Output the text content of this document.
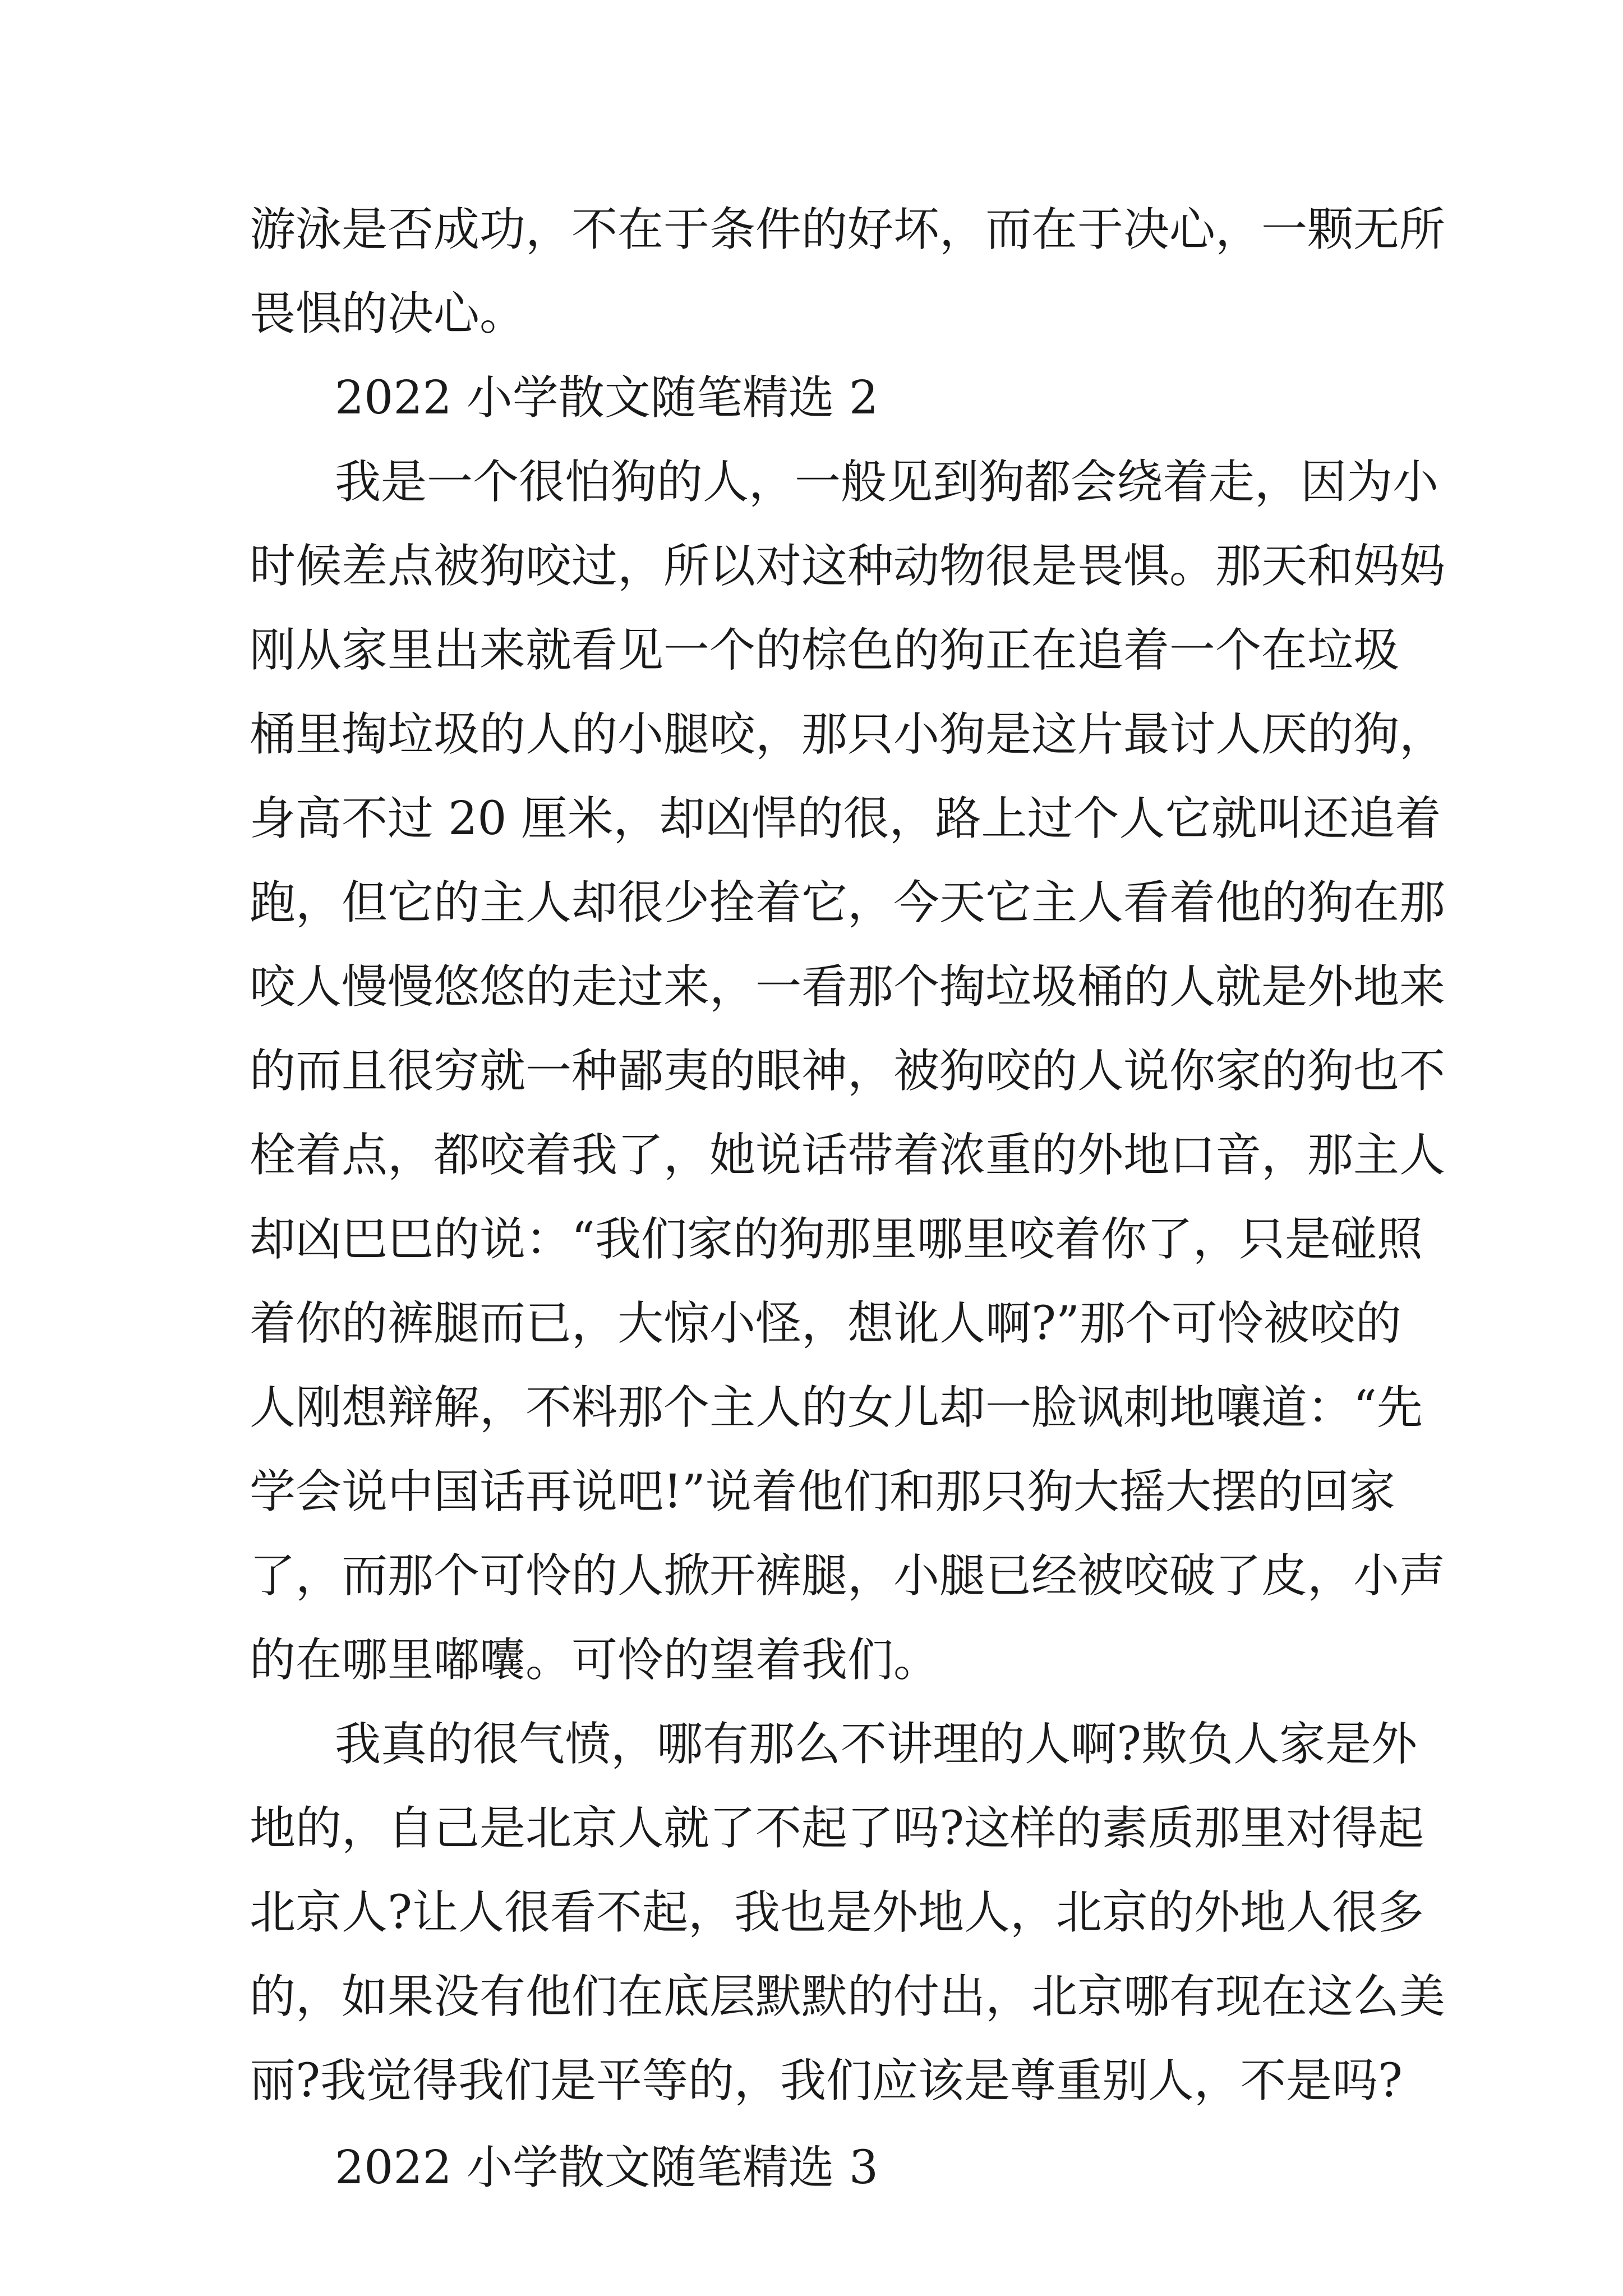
游泳是否成功，不在于条件的好坏，而在于决心，一颗无所
畏惧的决心。
2022 小学散文随笔精选 2
我是一个很怕狗的人，一般见到狗都会绕着走，因为小
时候差点被狗咬过，所以对这种动物很是畏惧。那天和妈妈
刚从家里出来就看见一个的棕色的狗正在追着一个在垃圾
桶里掏垃圾的人的小腿咬，那只小狗是这片最讨人厌的狗，
身高不过 20 厘米，却凶悍的很，路上过个人它就叫还追着
跑，但它的主人却很少拴着它，今天它主人看着他的狗在那
咬人慢慢悠悠的走过来，一看那个掏垃圾桶的人就是外地来
的而且很穷就一种鄙夷的眼神，被狗咬的人说你家的狗也不
栓着点，都咬着我了，她说话带着浓重的外地口音，那主人
却凶巴巴的说：“我们家的狗那里哪里咬着你了，只是碰照
着你的裤腿而已，大惊小怪，想讹人啊?”那个可怜被咬的
人刚想辩解，不料那个主人的女儿却一脸讽刺地嚷道：“先
学会说中国话再说吧!”说着他们和那只狗大摇大摆的回家
了，而那个可怜的人掀开裤腿，小腿已经被咬破了皮，小声
的在哪里嘟囔。可怜的望着我们。
我真的很气愤，哪有那么不讲理的人啊?欺负人家是外
地的，自己是北京人就了不起了吗?这样的素质那里对得起
北京人?让人很看不起，我也是外地人，北京的外地人很多
的，如果没有他们在底层默默的付出，北京哪有现在这么美
丽?我觉得我们是平等的，我们应该是尊重别人，不是吗?
2022 小学散文随笔精选 3
